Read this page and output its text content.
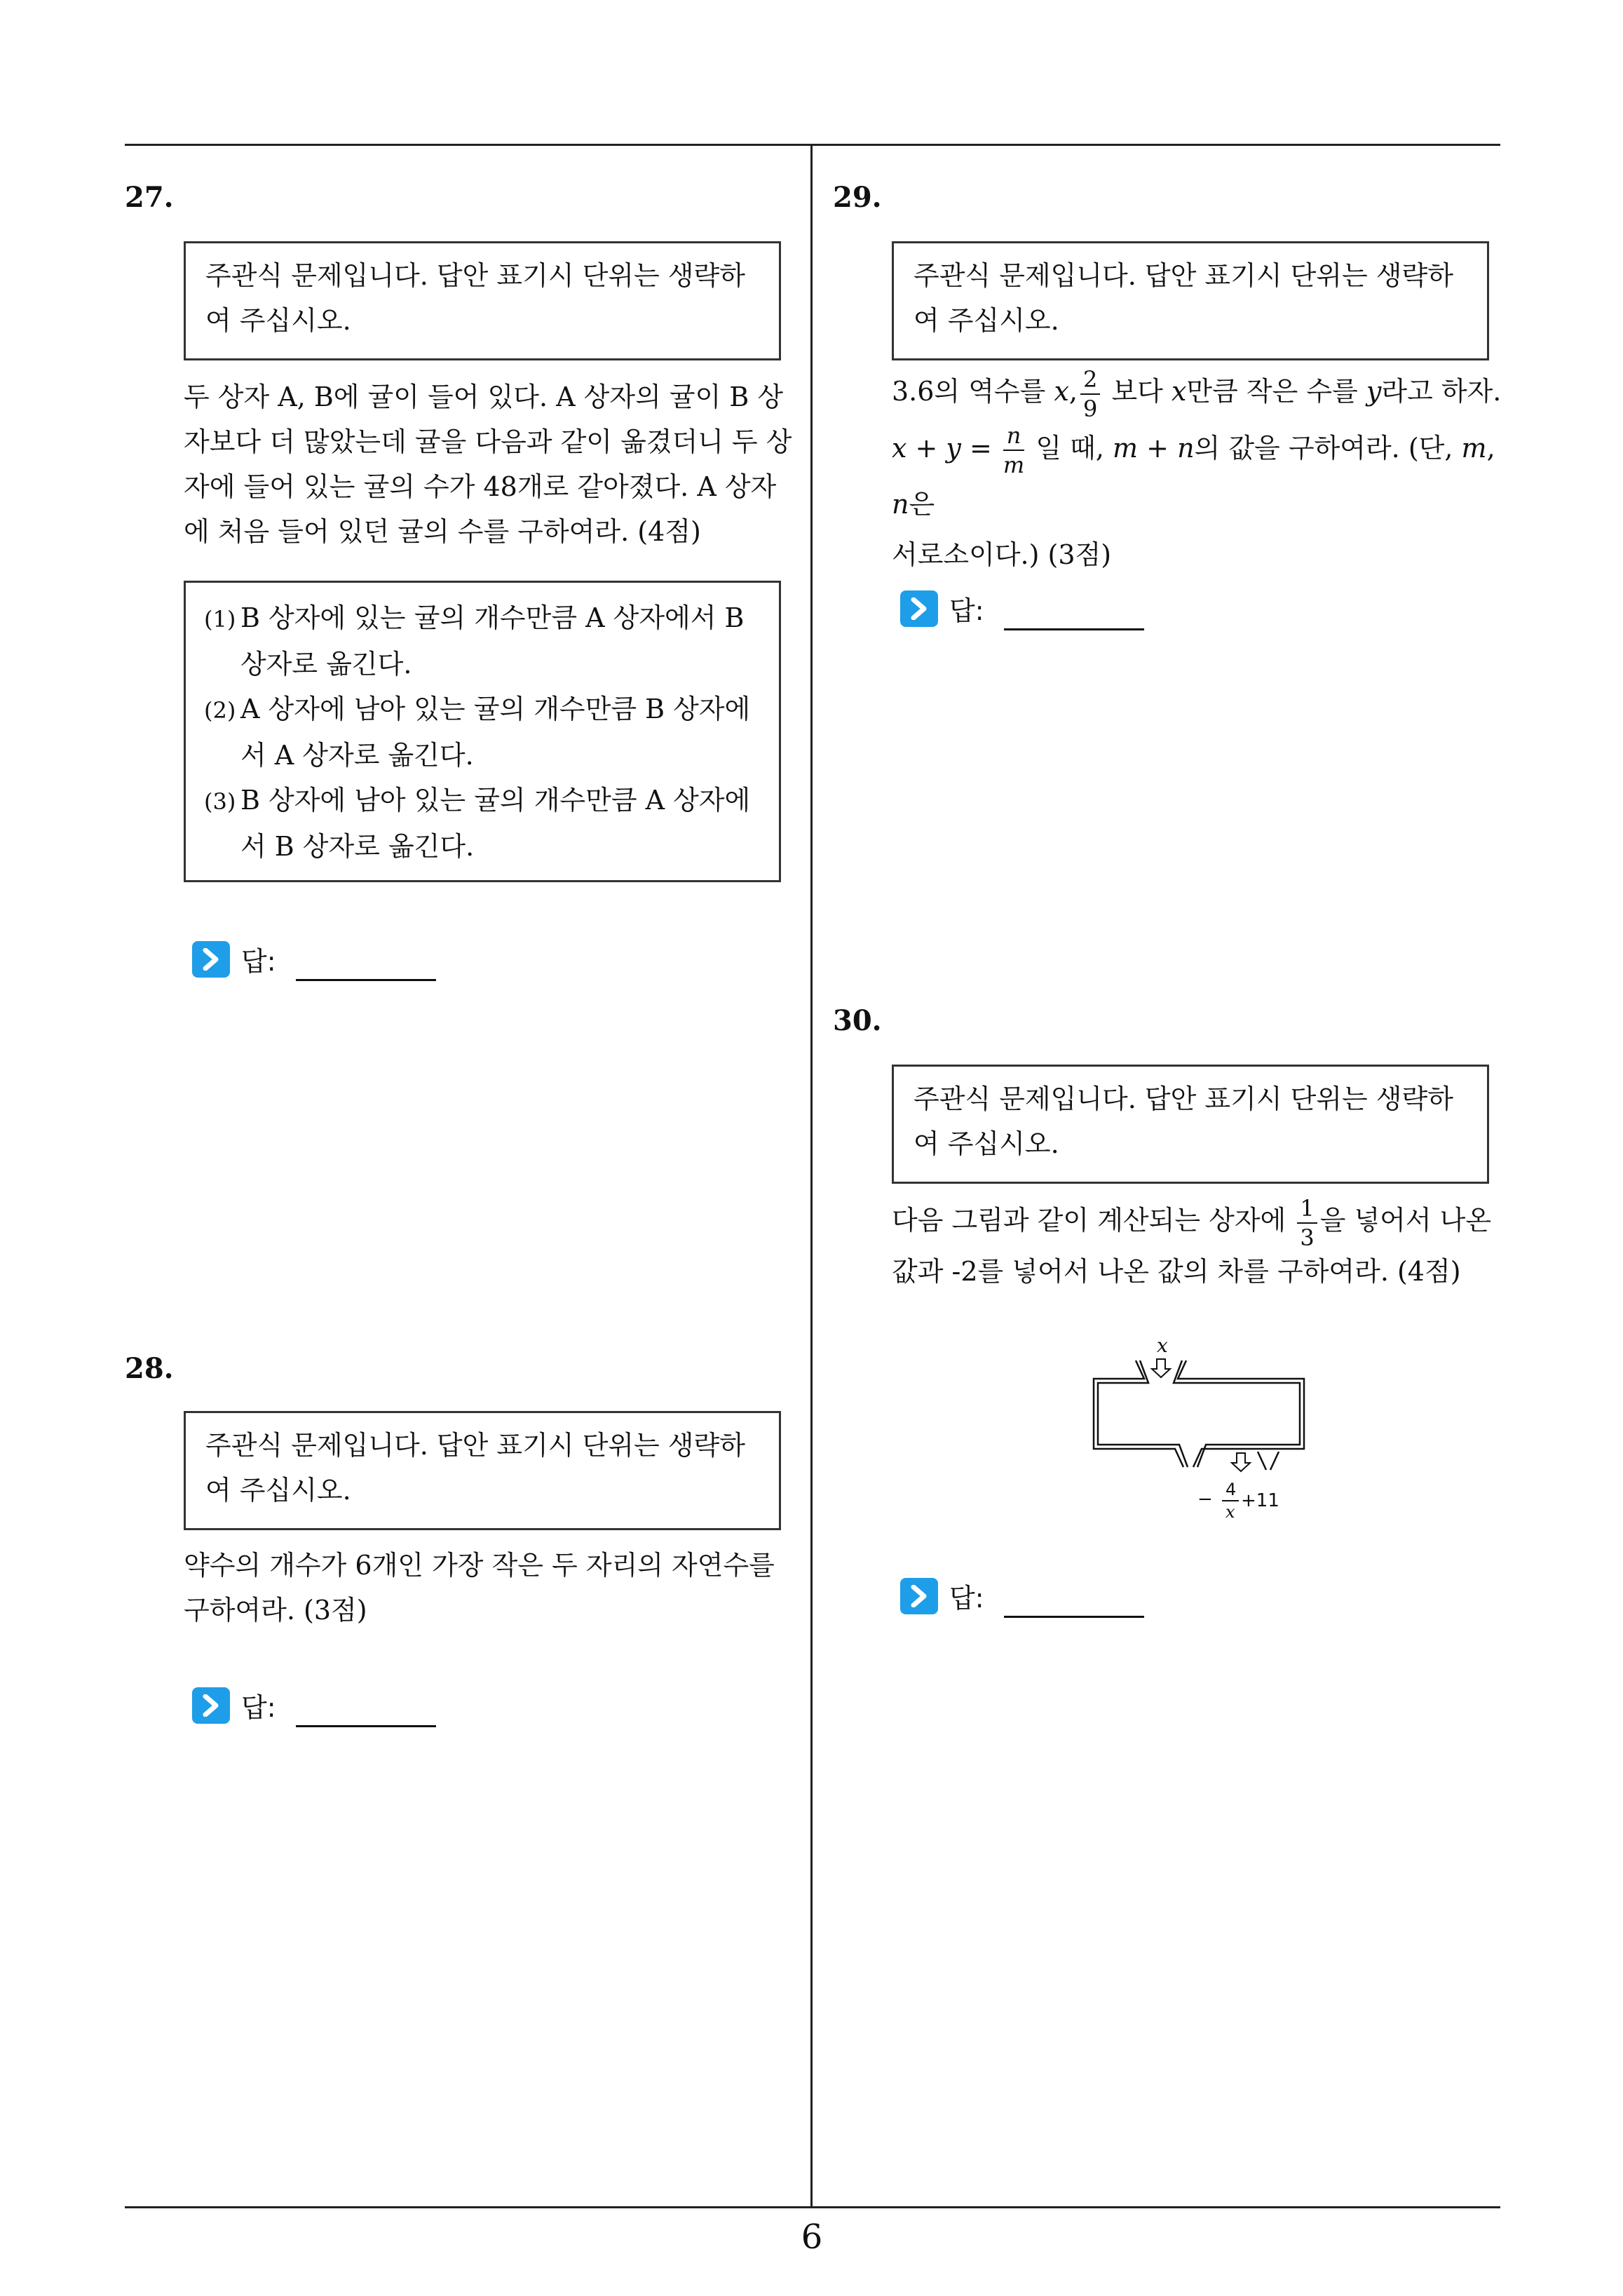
27.
주관식 문제입니다. 답안 표기시 단위는 생략하여 주십시오.
두 상자 A, B에 귤이 들어 있다. A 상자의 귤이 B 상자보다 더 많았는데 귤을 다음과 같이 옮겼더니 두 상자에 들어 있는 귤의 수가 48개로 같아졌다. A 상자에 처음 들어 있던 귤의 수를 구하여라. (4점)
(1) B 상자에 있는 귤의 개수만큼 A 상자에서 B 상자로 옮긴다.
(2) A 상자에 남아 있는 귤의 개수만큼 B 상자에서 A 상자로 옮긴다.
(3) B 상자에 남아 있는 귤의 개수만큼 A 상자에서 B 상자로 옮긴다.
답:
28.
주관식 문제입니다. 답안 표기시 단위는 생략하여 주십시오.
약수의 개수가 6개인 가장 작은 두 자리의 자연수를 구하여라. (3점)
답:
29.
주관식 문제입니다. 답안 표기시 단위는 생략하여 주십시오.
3.6의 역수를 x, $\frac{2}{9}$ 보다 x만큼 작은 수를 y라고 하자.
$x + y = \frac{n}{m}$ 일 때, m + n의 값을 구하여라. (단, m, n은
서로소이다.) (3점)
답:
30.
주관식 문제입니다. 답안 표기시 단위는 생략하여 주십시오.
다음 그림과 같이 계산되는 상자에 $\frac{1}{3}$ 을 넣어서 나온
값과 -2를 넣어서 나온 값의 차를 구하여라. (4점)
x
− 4
x
+11
답:
6
